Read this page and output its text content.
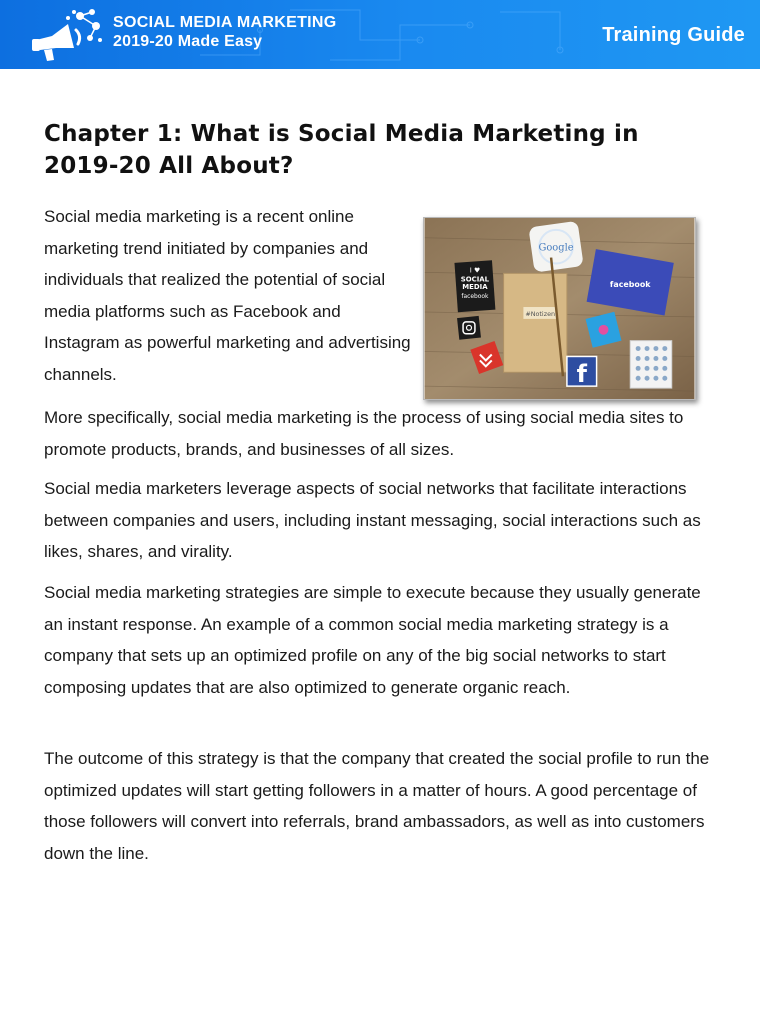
SOCIAL MEDIA MARKETING
2019-20 Made Easy	Training Guide
Chapter 1: What is Social Media Marketing in 2019-20 All About?
I ♥
SOCIAL
MEDIA
facebook
Google
facebook
#Notizen
f

Social media marketing is a recent online marketing trend initiated by companies and individuals that realized the potential of social media platforms such as Facebook and Instagram as powerful marketing and advertising channels.

More specifically, social media marketing is the process of using social media sites to promote products, brands, and businesses of all sizes.

Social media marketers leverage aspects of social networks that facilitate interactions between companies and users, including instant messaging, social interactions such as likes, shares, and virality.

Social media marketing strategies are simple to execute because they usually generate an instant response. An example of a common social media marketing strategy is a company that sets up an optimized profile on any of the big social networks to start composing updates that are also optimized to generate organic reach.

The outcome of this strategy is that the company that created the social profile to run the optimized updates will start getting followers in a matter of hours. A good percentage of those followers will convert into referrals, brand ambassadors, as well as into customers down the line.
